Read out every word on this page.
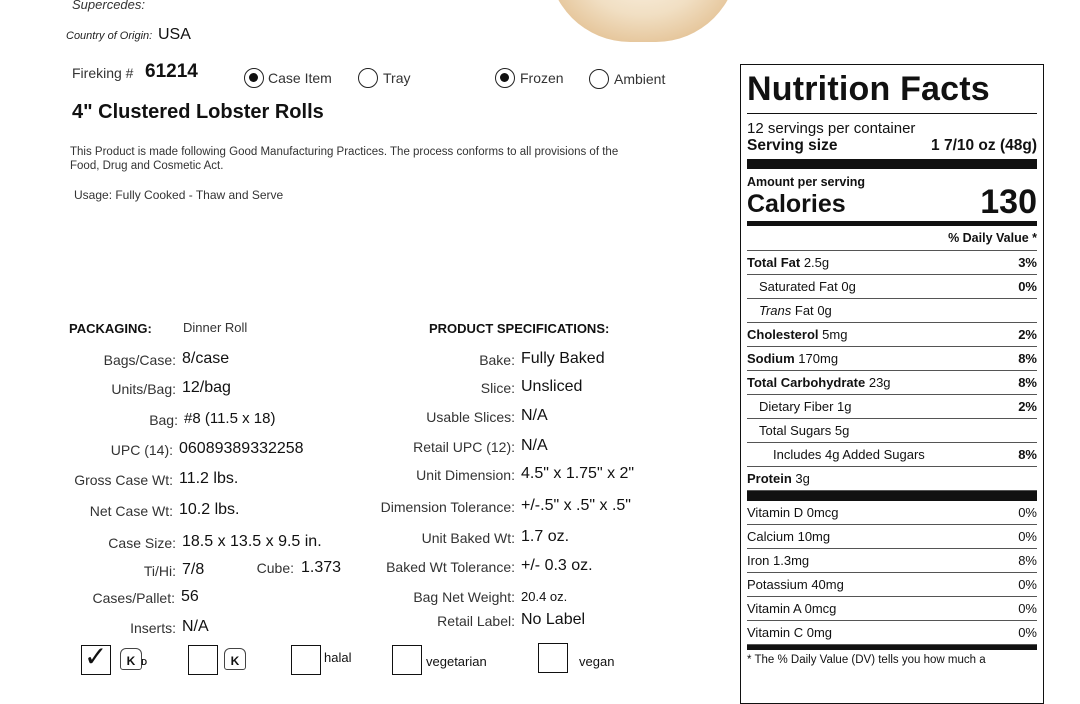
Supercedes:
Country of Origin: USA
Fireking # 61214	Case Item	Tray	Frozen	Ambient
4" Clustered Lobster Rolls
This Product is made following Good Manufacturing Practices. The process conforms to all provisions of the
Food, Drug and Cosmetic Act.
Usage: Fully Cooked - Thaw and Serve
PACKAGING: Dinner Roll
Bags/Case: 8/case
Units/Bag: 12/bag
Bag: #8 (11.5 x 18)
UPC (14): 06089389332258
Gross Case Wt: 11.2 lbs.
Net Case Wt: 10.2 lbs.
Case Size: 18.5 x 13.5 x 9.5 in.
Ti/Hi: 7/8
Cases/Pallet: 56
Inserts: N/A
Cube: 1.373
PRODUCT SPECIFICATIONS:
Bake: Fully Baked
Slice: Unsliced
Usable Slices: N/A
Retail UPC (12): N/A
Unit Dimension: 4.5" x 1.75" x 2"
Dimension Tolerance: +/-.5" x .5" x .5"
Unit Baked Wt: 1.7 oz.
Baked Wt Tolerance: +/- 0.3 oz.
Bag Net Weight: 20.4 oz.
Retail Label: No Label
✓	K D	K	halal	vegetarian	vegan
Nutrition Facts
12 servings per container
Serving size	1 7/10 oz (48g)
Amount per serving
Calories	130
% Daily Value *
Total Fat 2.5g	3%
Saturated Fat 0g	0%
Trans Fat 0g
Cholesterol 5mg	2%
Sodium 170mg	8%
Total Carbohydrate 23g	8%
Dietary Fiber 1g	2%
Total Sugars 5g
Includes 4g Added Sugars	8%
Protein 3g
Vitamin D 0mcg	0%
Calcium 10mg	0%
Iron 1.3mg	8%
Potassium 40mg	0%
Vitamin A 0mcg	0%
Vitamin C 0mg	0%
* The % Daily Value (DV) tells you how much a
